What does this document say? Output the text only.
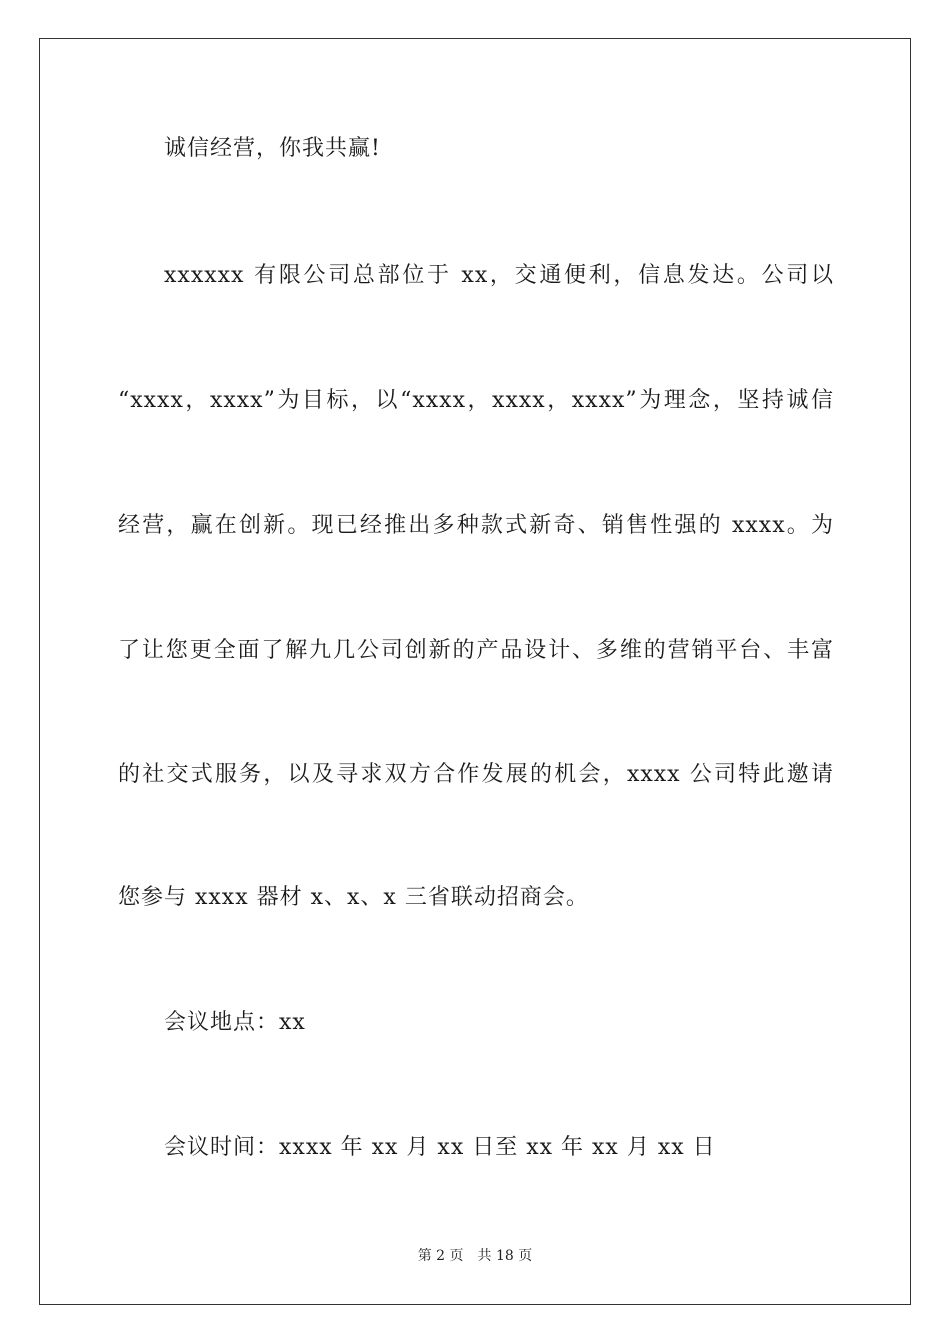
诚信经营，你我共赢!
xxxxxx 有限公司总部位于 xx，交通便利，信息发达。公司以
“xxxx，xxxx”为目标，以“xxxx，xxxx，xxxx”为理念，坚持诚信
经营，赢在创新。现已经推出多种款式新奇、销售性强的 xxxx。为
了让您更全面了解九几公司创新的产品设计、多维的营销平台、丰富
的社交式服务，以及寻求双方合作发展的机会，xxxx 公司特此邀请
您参与 xxxx 器材 x、x、x 三省联动招商会。
会议地点：xx
会议时间：xxxx 年 xx 月 xx 日至 xx 年 xx 月 xx 日
第 2 页 共 18 页
